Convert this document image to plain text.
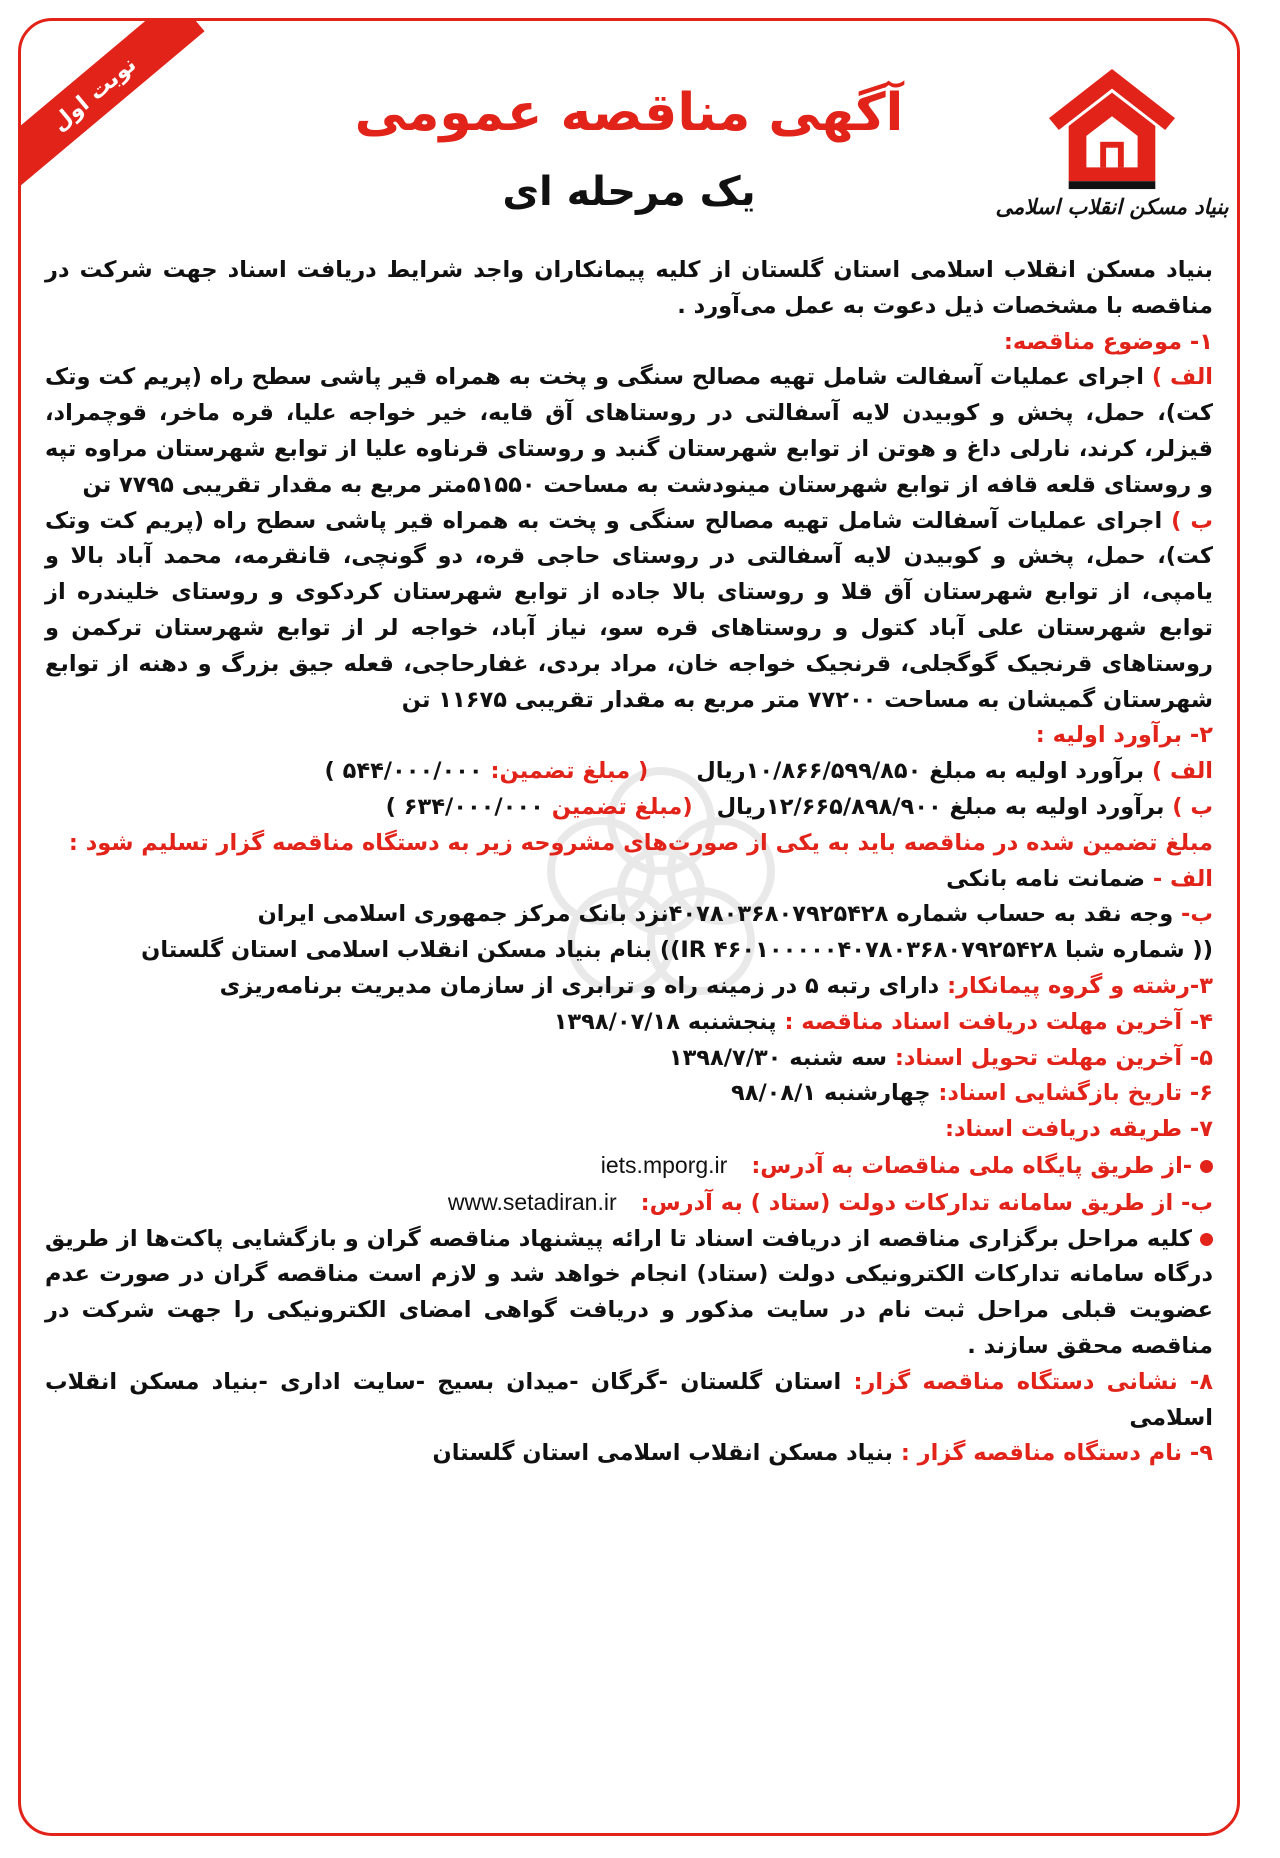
نوبت اول
بنیاد مسکن انقلاب اسلامی
آگهی مناقصه عمومی
یک مرحله ای

بنیاد مسکن انقلاب اسلامی استان گلستان از کلیه پیمانکاران واجد شرایط دریافت اسناد جهت شرکت در مناقصه با مشخصات ذیل دعوت به عمل می‌آورد .

۱- موضوع مناقصه:

الف ) اجرای عملیات آسفالت شامل تهیه مصالح سنگی و پخت به همراه قیر پاشی سطح راه (پریم کت وتک کت)، حمل، پخش و کوبیدن لایه آسفالتی در روستاهای آق قایه، خیر خواجه علیا، قره ماخر، قوچمراد، قیزلر، کرند، نارلی داغ و هوتن از توابع شهرستان گنبد و روستای قرناوه علیا از توابع شهرستان مراوه تپه و روستای قلعه قافه از توابع شهرستان مینودشت به مساحت ۵۱۵۵۰متر مربع به مقدار تقریبی ۷۷۹۵ تن

ب ) اجرای عملیات آسفالت شامل تهیه مصالح سنگی و پخت به همراه قیر پاشی سطح راه (پریم کت وتک کت)، حمل، پخش و کوبیدن لایه آسفالتی در روستای حاجی قره، دو گونچی، قانقرمه، محمد آباد بالا و یامپی، از توابع شهرستان آق قلا و روستای بالا جاده از توابع شهرستان کردکوی و روستای خلیندره از توابع شهرستان علی آباد کتول و روستاهای قره سو، نیاز آباد، خواجه لر از توابع شهرستان ترکمن و روستاهای قرنجیک گوگجلی، قرنجیک خواجه خان، مراد بردی، غفارحاجی، قعله جیق بزرگ و دهنه از توابع شهرستان گمیشان به مساحت ۷۷۲۰۰ متر مربع به مقدار تقریبی ۱۱۶۷۵ تن

۲- برآورد اولیه :

الف ) برآورد اولیه به مبلغ ۱۰/۸۶۶/۵۹۹/۸۵۰ریال( مبلغ تضمین: ۵۴۴/۰۰۰/۰۰۰ )

ب ) برآورد اولیه به مبلغ ۱۲/۶۶۵/۸۹۸/۹۰۰ریال(مبلغ تضمین ۶۳۴/۰۰۰/۰۰۰ )

مبلغ تضمین شده در مناقصه باید به یکی از صورت‌های مشروحه زیر به دستگاه مناقصه گزار تسلیم شود :

الف - ضمانت نامه بانکی

ب- وجه نقد به حساب شماره ۴۰۷۸۰۳۶۸۰۷۹۲۵۴۲۸نزد بانک مرکز جمهوری اسلامی ایران

(( شماره شبا IR ۴۶۰۱۰۰۰۰۰۴۰۷۸۰۳۶۸۰۷۹۲۵۴۲۸)) بنام بنیاد مسکن انقلاب اسلامی استان گلستان

۳-رشته و گروه پیمانکار: دارای رتبه ۵ در زمینه راه و ترابری از سازمان مدیریت برنامه‌ریزی

۴- آخرین مهلت دریافت اسناد مناقصه : پنجشنبه ۱۳۹۸/۰۷/۱۸

۵- آخرین مهلت تحویل اسناد: سه شنبه ۱۳۹۸/۷/۳۰

۶- تاریخ بازگشایی اسناد: چهارشنبه ۹۸/۰۸/۱

۷- طریقه دریافت اسناد:

-از طریق پایگاه ملی مناقصات به آدرس:iets.mporg.ir

ب- از طریق سامانه تدارکات دولت (ستاد ) به آدرس:www.setadiran.ir

کلیه مراحل برگزاری مناقصه از دریافت اسناد تا ارائه پیشنهاد مناقصه گران و بازگشایی پاکت‌ها از طریق درگاه سامانه تدارکات الکترونیکی دولت (ستاد) انجام خواهد شد و لازم است مناقصه گران در صورت عدم عضویت قبلی مراحل ثبت نام در سایت مذکور و دریافت گواهی امضای الکترونیکی را جهت شرکت در مناقصه محقق سازند .

۸- نشانی دستگاه مناقصه گزار: استان گلستان -گرگان -میدان بسیج -سایت اداری -بنیاد مسکن انقلاب اسلامی

۹- نام دستگاه مناقصه گزار : بنیاد مسکن انقلاب اسلامی استان گلستان
